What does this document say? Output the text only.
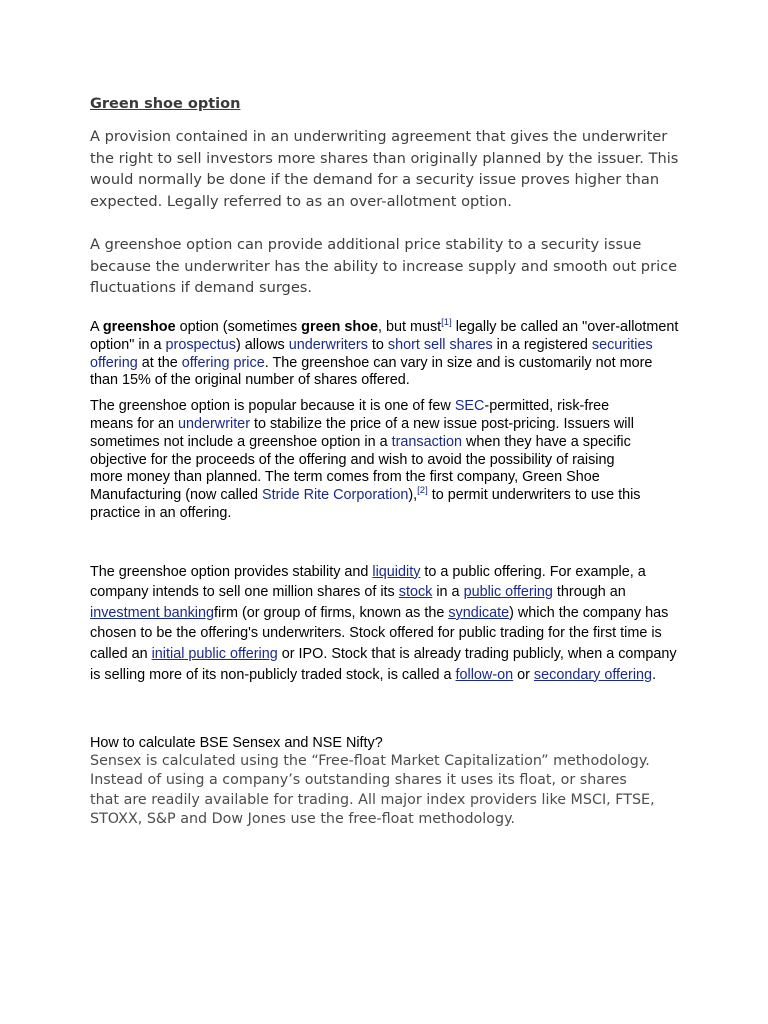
Green shoe option

A provision contained in an underwriting agreement that gives the underwriter the right to sell investors more shares than originally planned by the issuer. This would normally be done if the demand for a security issue proves higher than expected. Legally referred to as an over-allotment option.

A greenshoe option can provide additional price stability to a security issue because the underwriter has the ability to increase supply and smooth out price fluctuations if demand surges.

A greenshoe option (sometimes green shoe, but must[1] legally be called an "over-allotment option" in a prospectus) allows underwriters to short sell shares in a registered securities offering at the offering price. The greenshoe can vary in size and is customarily not more than 15% of the original number of shares offered.

The greenshoe option is popular because it is one of few SEC-permitted, risk-free means for an underwriter to stabilize the price of a new issue post-pricing. Issuers will sometimes not include a greenshoe option in a transaction when they have a specific objective for the proceeds of the offering and wish to avoid the possibility of raising more money than planned. The term comes from the first company, Green Shoe Manufacturing (now called Stride Rite Corporation),[2] to permit underwriters to use this practice in an offering.

The greenshoe option provides stability and liquidity to a public offering. For example, a company intends to sell one million shares of its stock in a public offering through an investment bankingfirm (or group of firms, known as the syndicate) which the company has chosen to be the offering's underwriters. Stock offered for public trading for the first time is called an initial public offering or IPO. Stock that is already trading publicly, when a company is selling more of its non-publicly traded stock, is called a follow-on or secondary offering.

How to calculate BSE Sensex and NSE Nifty?

Sensex is calculated using the “Free-float Market Capitalization” methodology. Instead of using a company’s outstanding shares it uses its float, or shares that are readily available for trading. All major index providers like MSCI, FTSE, STOXX, S&P and Dow Jones use the free-float methodology.
